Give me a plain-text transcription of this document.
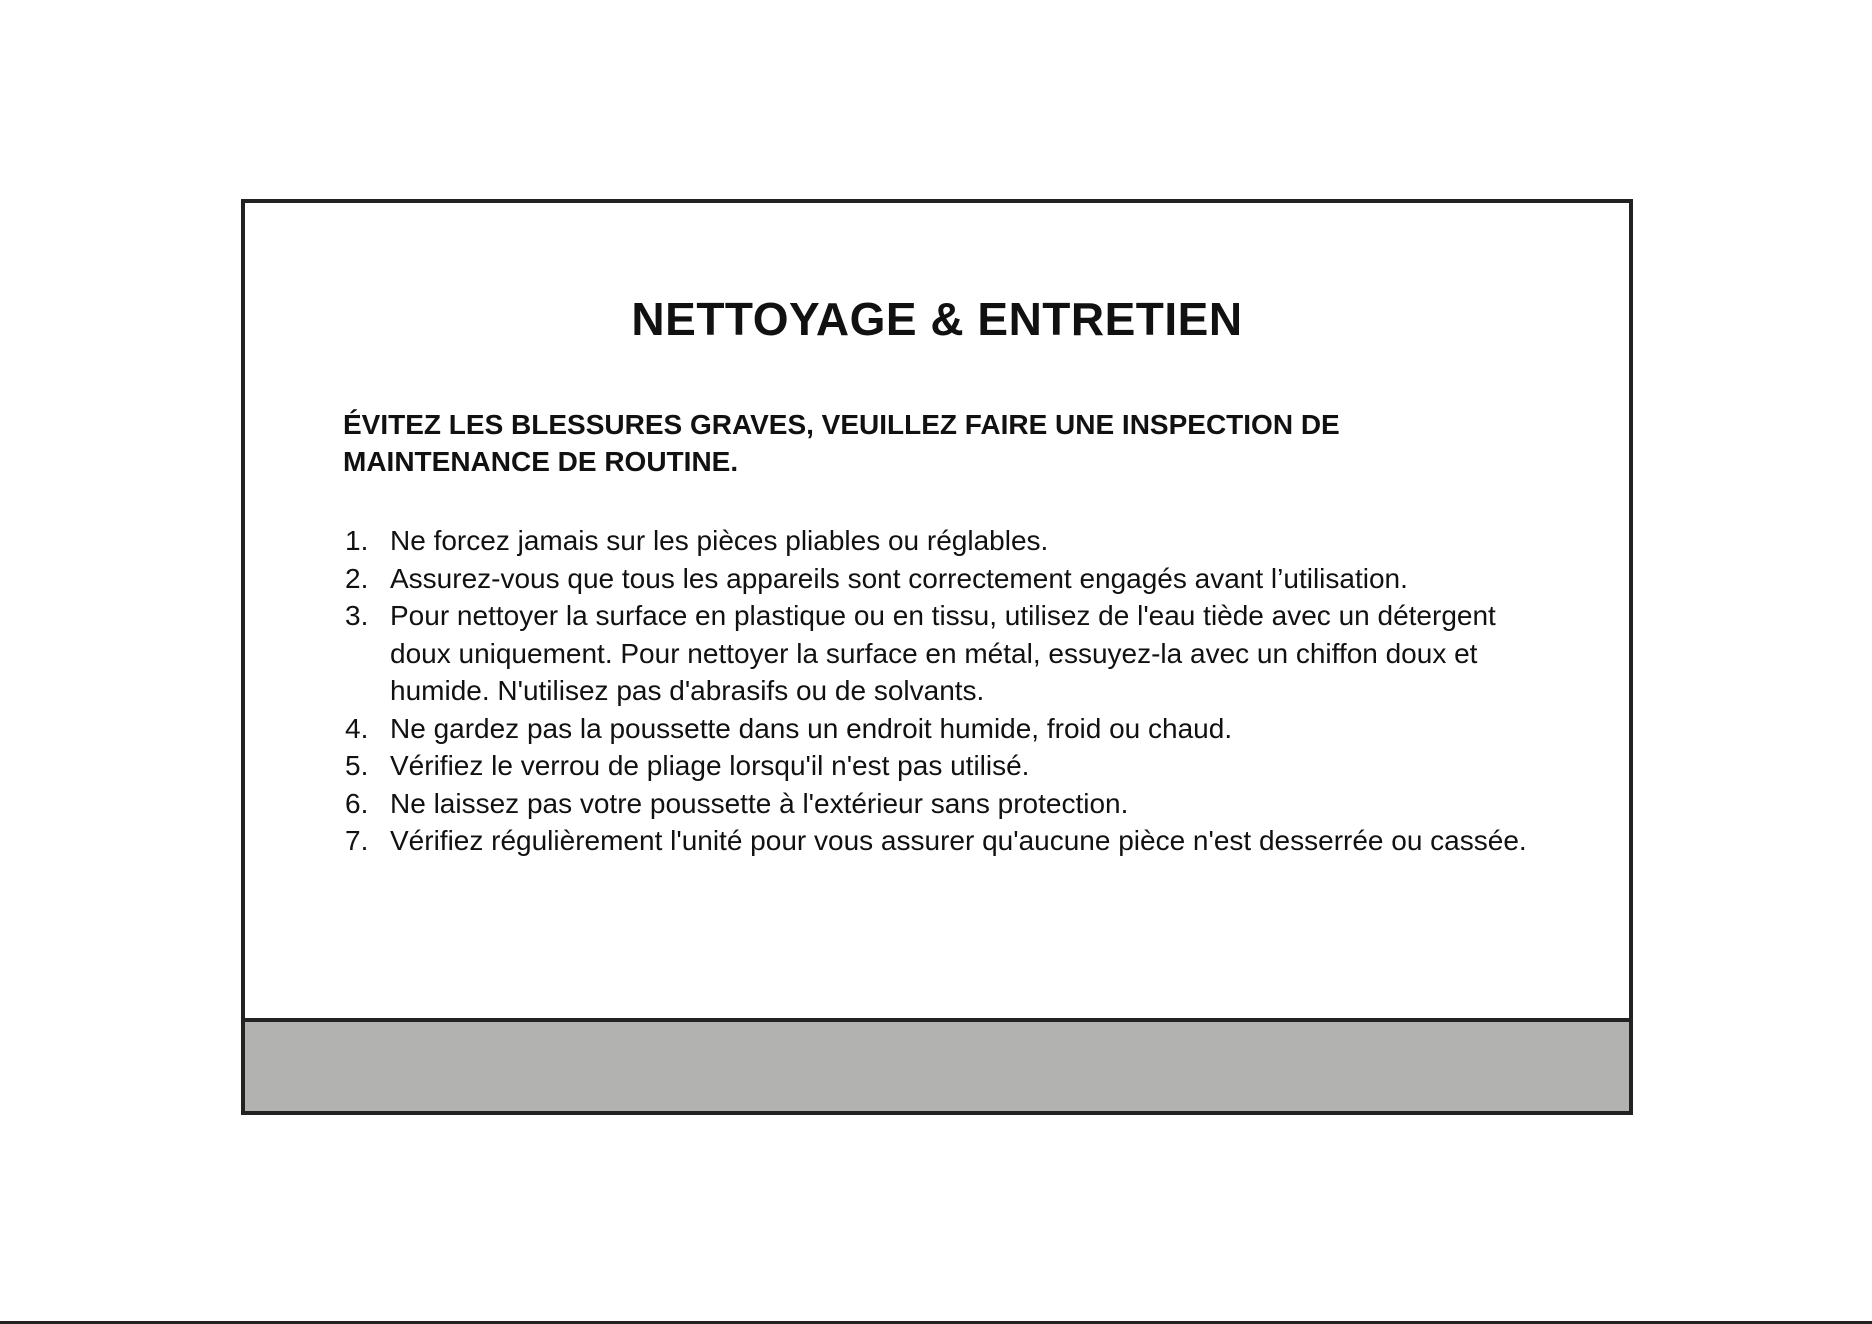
NETTOYAGE & ENTRETIEN

ÉVITEZ LES BLESSURES GRAVES, VEUILLEZ FAIRE UNE INSPECTION DE MAINTENANCE DE ROUTINE.

1. Ne forcez jamais sur les pièces pliables ou réglables.
2. Assurez-vous que tous les appareils sont correctement engagés avant l’utilisation.
3. Pour nettoyer la surface en plastique ou en tissu, utilisez de l'eau tiède avec un détergent doux uniquement. Pour nettoyer la surface en métal, essuyez-la avec un chiffon doux et humide. N'utilisez pas d'abrasifs ou de solvants.
4. Ne gardez pas la poussette dans un endroit humide, froid ou chaud.
5. Vérifiez le verrou de pliage lorsqu'il n'est pas utilisé.
6. Ne laissez pas votre poussette à l'extérieur sans protection.
7. Vérifiez régulièrement l'unité pour vous assurer qu'aucune pièce n'est desserrée ou cassée.
